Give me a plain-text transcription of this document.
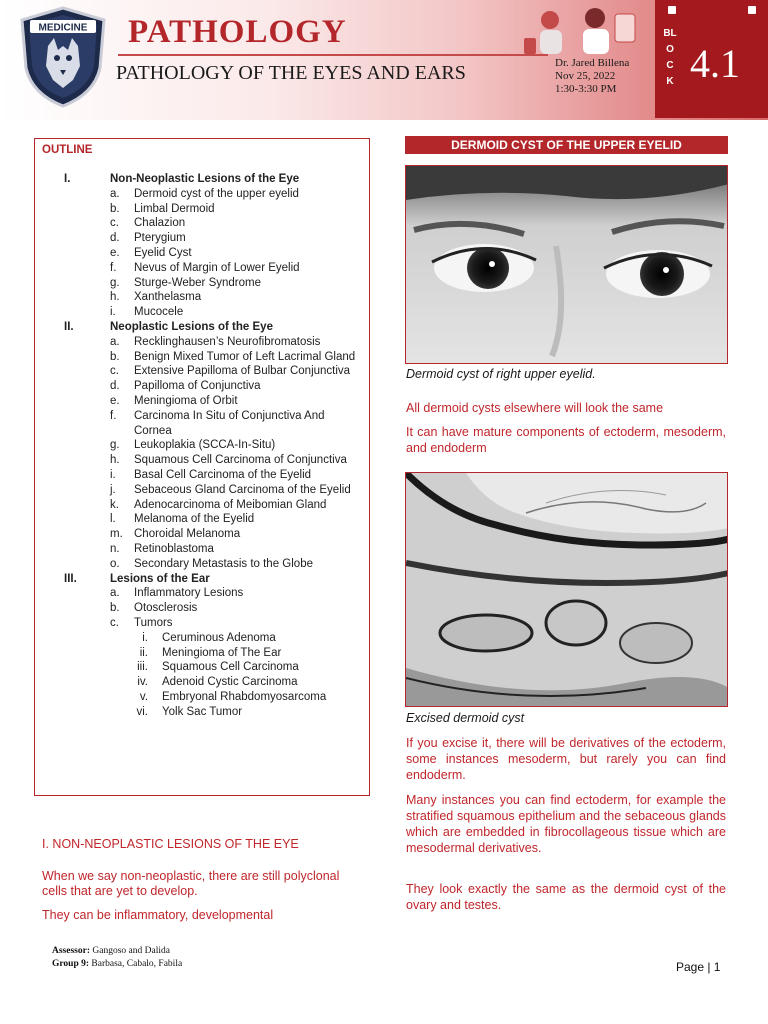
MEDICINE PATHOLOGY
PATHOLOGY OF THE EYES AND EARS	Dr. Jared Billena
Nov 25, 2022
1:30-3:30 PM
BLOCK 4.1
OUTLINE
I.	Non-Neoplastic Lesions of the Eye
a.	Dermoid cyst of the upper eyelid
b.	Limbal Dermoid
c.	Chalazion
d.	Pterygium
e.	Eyelid Cyst
f.	Nevus of Margin of Lower Eyelid
g.	Sturge-Weber Syndrome
h.	Xanthelasma
i.	Mucocele
II.	Neoplastic Lesions of the Eye
a.	Recklinghausen’s Neurofibromatosis
b.	Benign Mixed Tumor of Left Lacrimal Gland
c.	Extensive Papilloma of Bulbar Conjunctiva
d.	Papilloma of Conjunctiva
e.	Meningioma of Orbit
f.	Carcinoma In Situ of Conjunctiva And Cornea
g.	Leukoplakia (SCCA-In-Situ)
h.	Squamous Cell Carcinoma of Conjunctiva
i.	Basal Cell Carcinoma of the Eyelid
j.	Sebaceous Gland Carcinoma of the Eyelid
k.	Adenocarcinoma of Meibomian Gland
l.	Melanoma of the Eyelid
m. Choroidal Melanoma
n.	Retinoblastoma
o.	Secondary Metastasis to the Globe
III.	Lesions of the Ear
a.	Inflammatory Lesions
b.	Otosclerosis
c.	Tumors
i.	Ceruminous Adenoma
ii.	Meningioma of The Ear
iii.	Squamous Cell Carcinoma
iv.	Adenoid Cystic Carcinoma
v.	Embryonal Rhabdomyosarcoma
vi.	Yolk Sac Tumor
I. NON-NEOPLASTIC LESIONS OF THE EYE
When we say non-neoplastic, there are still polyclonal cells that are yet to develop.
They can be inflammatory, developmental
DERMOID CYST OF THE UPPER EYELID
Dermoid cyst of right upper eyelid.
All dermoid cysts elsewhere will look the same
It can have mature components of ectoderm, mesoderm, and endoderm
Excised dermoid cyst
If you excise it, there will be derivatives of the ectoderm, some instances mesoderm, but rarely you can find endoderm.
Many instances you can find ectoderm, for example the stratified squamous epithelium and the sebaceous glands which are embedded in fibrocollageous tissue which are mesodermal derivatives.
They look exactly the same as the dermoid cyst of the ovary and testes.
Assessor: Gangoso and Dalida
Group 9: Barbasa, Cabalo, Fabila	Page | 1
